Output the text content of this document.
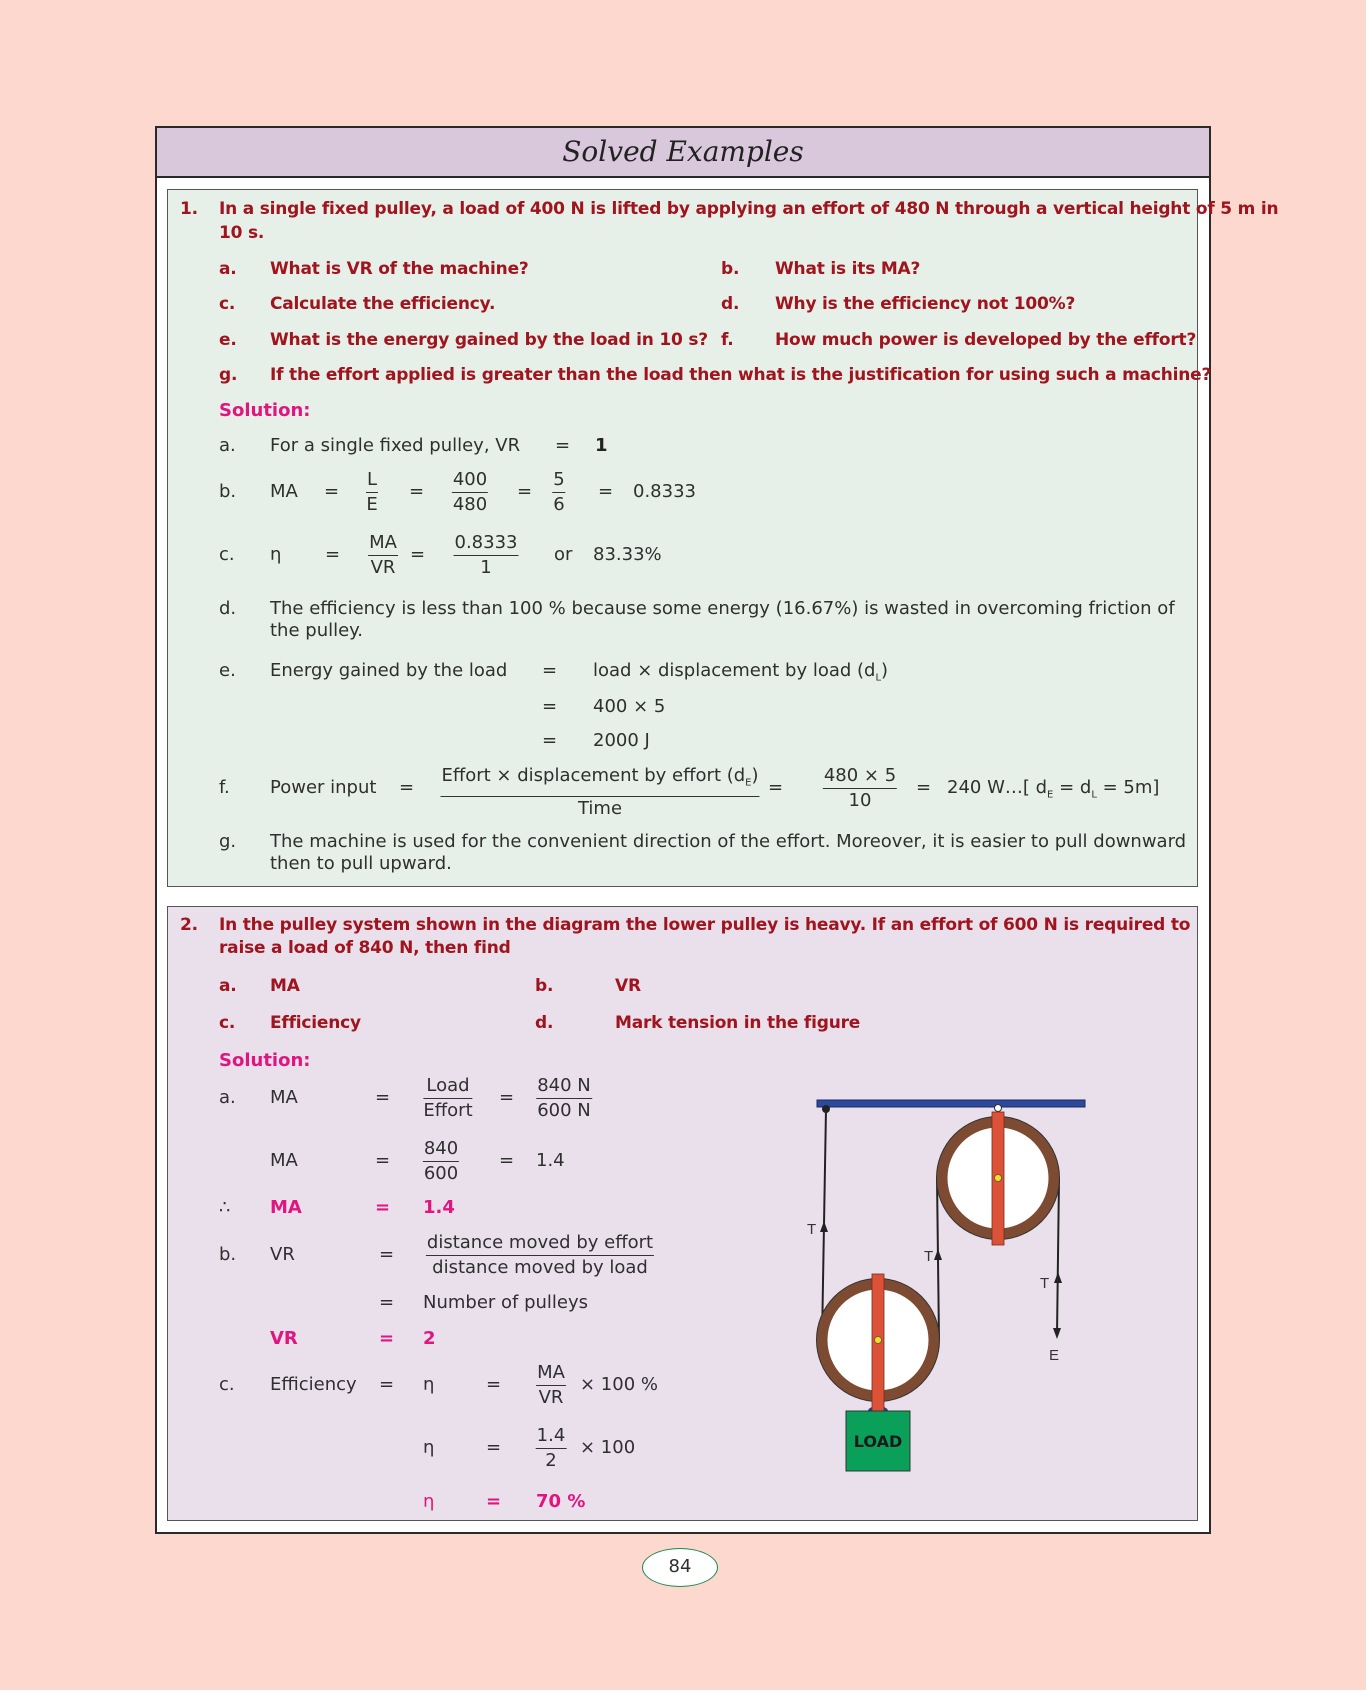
Solved Examples
1. In a single fixed pulley, a load of 400 N is lifted by applying an effort of 480 N through a vertical height of 5 m in
10 s.
a. What is VR of the machine?	b. What is its MA?
c. Calculate the efficiency.	d. Why is the efficiency not 100%?
e. What is the energy gained by the load in 10 s? f. How much power is developed by the effort?
g. If the effort applied is greater than the load then what is the justification for using such a machine?
Solution:
a. For a single fixed pulley, VR = 1
b. MA = $\frac{L}{E} = \frac{400}{480} = \frac{5}{6} = 0.8333$
c. $\eta = \frac{MA}{VR} = \frac{0.8333}{1}$ or 83.33%
d. The efficiency is less than 100 % because some energy (16.67%) is wasted in overcoming friction of the pulley.
e. Energy gained by the load = load × displacement by load $(d_L)$
= 400 × 5
= 2000 J
f. Power input =
Effort × displacement by effort $(d_E)$
Time
= $\frac{480 \times 5}{10} = 240$ W…[ $d_E = d_L = 5m$]
g. The machine is used for the convenient direction of the effort. Moreover, it is easier to pull downward then to pull upward.
2. In the pulley system shown in the diagram the lower pulley is heavy. If an effort of 600 N is required to
raise a load of 840 N, then find
a. MA	b.	VR
c. Efficiency	d.	Mark tension in the figure
Solution:
a. MA	=
Load
Effort
= $\frac{840 N}{600 N}$
MA	= $\frac{840}{600} = 1.4$
∴ MA	= 1.4
b. VR	=
distance moved by effort
distance moved by load
= Number of pulleys
VR	= 2
c. Efficiency = η	= $\frac{MA}{VR} \times 100$ %
η	= $\frac{1.4}{2} \times 100$
η	= 70 %
T
T
T
E
LOAD
84
